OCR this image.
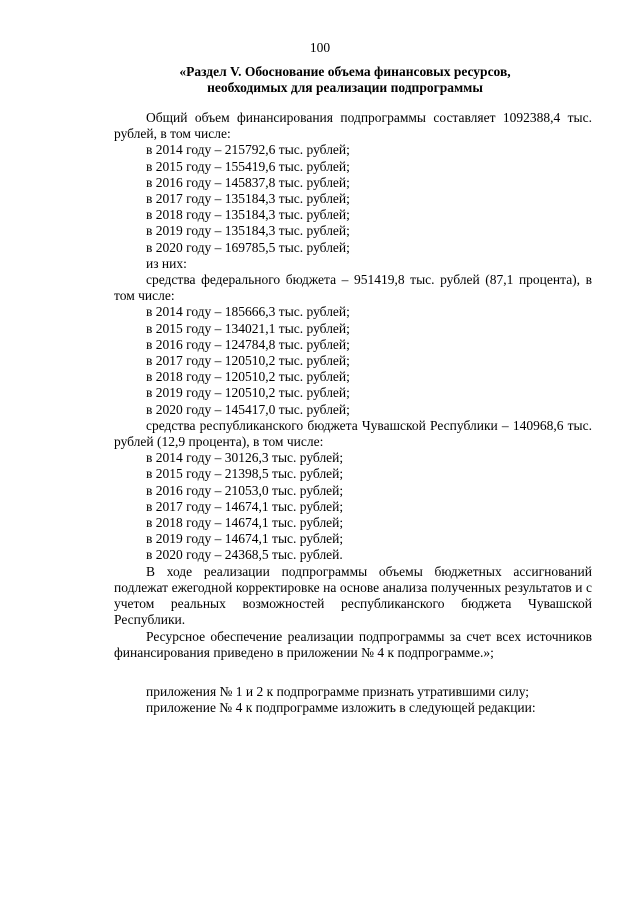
100
«Раздел V. Обоснование объема финансовых ресурсов,
необходимых для реализации подпрограммы

Общий объем финансирования подпрограммы составляет 1092388,4 тыс. рублей, в том числе:

в 2014 году – 215792,6 тыс. рублей;

в 2015 году – 155419,6 тыс. рублей;

в 2016 году – 145837,8 тыс. рублей;

в 2017 году – 135184,3 тыс. рублей;

в 2018 году – 135184,3 тыс. рублей;

в 2019 году – 135184,3 тыс. рублей;

в 2020 году – 169785,5 тыс. рублей;

из них:

средства федерального бюджета – 951419,8 тыс. рублей (87,1 процента), в том числе:

в 2014 году – 185666,3 тыс. рублей;

в 2015 году – 134021,1 тыс. рублей;

в 2016 году – 124784,8 тыс. рублей;

в 2017 году – 120510,2 тыс. рублей;

в 2018 году – 120510,2 тыс. рублей;

в 2019 году – 120510,2 тыс. рублей;

в 2020 году – 145417,0 тыс. рублей;

средства республиканского бюджета Чувашской Республики – 140968,6 тыс. рублей (12,9 процента), в том числе:

в 2014 году – 30126,3 тыс. рублей;

в 2015 году – 21398,5 тыс. рублей;

в 2016 году – 21053,0 тыс. рублей;

в 2017 году – 14674,1 тыс. рублей;

в 2018 году – 14674,1 тыс. рублей;

в 2019 году – 14674,1 тыс. рублей;

в 2020 году – 24368,5 тыс. рублей.

В ходе реализации подпрограммы объемы бюджетных ассигнований подлежат ежегодной корректировке на основе анализа полученных результатов и с учетом реальных возможностей республиканского бюджета Чувашской Республики.

Ресурсное обеспечение реализации подпрограммы за счет всех источников финансирования приведено в приложении № 4 к подпрограмме.»;

приложения № 1 и 2 к подпрограмме признать утратившими силу;

приложение № 4 к подпрограмме изложить в следующей редакции:
